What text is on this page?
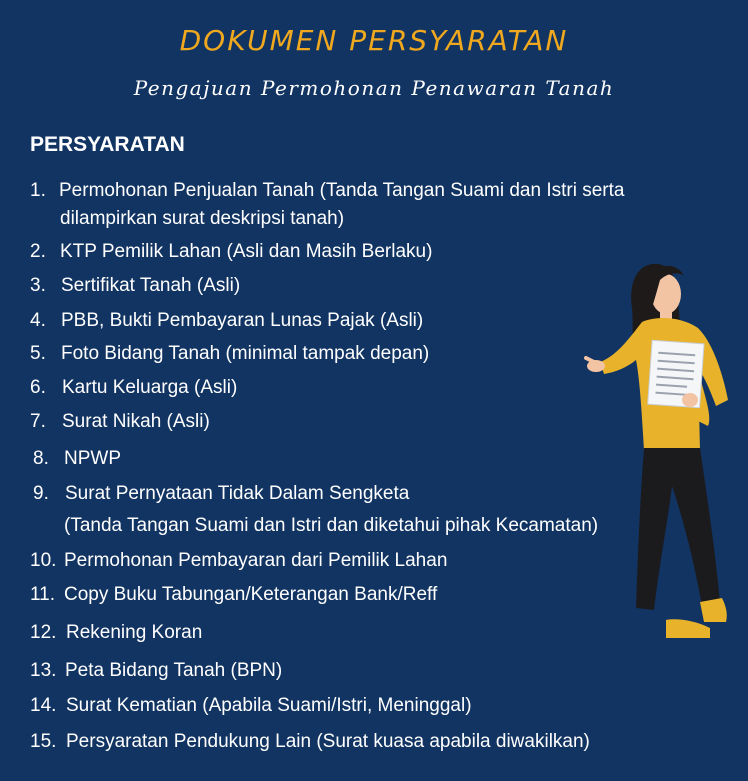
DOKUMEN PERSYARATAN
Pengajuan Permohonan Penawaran Tanah
PERSYARATAN
1. Permohonan Penjualan Tanah (Tanda Tangan Suami dan Istri serta
dilampirkan surat deskripsi tanah)
2. KTP Pemilik Lahan (Asli dan Masih Berlaku)
3. Sertifikat Tanah (Asli)
4. PBB, Bukti Pembayaran Lunas Pajak (Asli)
5. Foto Bidang Tanah (minimal tampak depan)
6. Kartu Keluarga (Asli)
7. Surat Nikah (Asli)
8. NPWP
9. Surat Pernyataan Tidak Dalam Sengketa
(Tanda Tangan Suami dan Istri dan diketahui pihak Kecamatan)
10. Permohonan Pembayaran dari Pemilik Lahan
11. Copy Buku Tabungan/Keterangan Bank/Reff
12. Rekening Koran
13. Peta Bidang Tanah (BPN)
14. Surat Kematian (Apabila Suami/Istri, Meninggal)
15. Persyaratan Pendukung Lain (Surat kuasa apabila diwakilkan)
